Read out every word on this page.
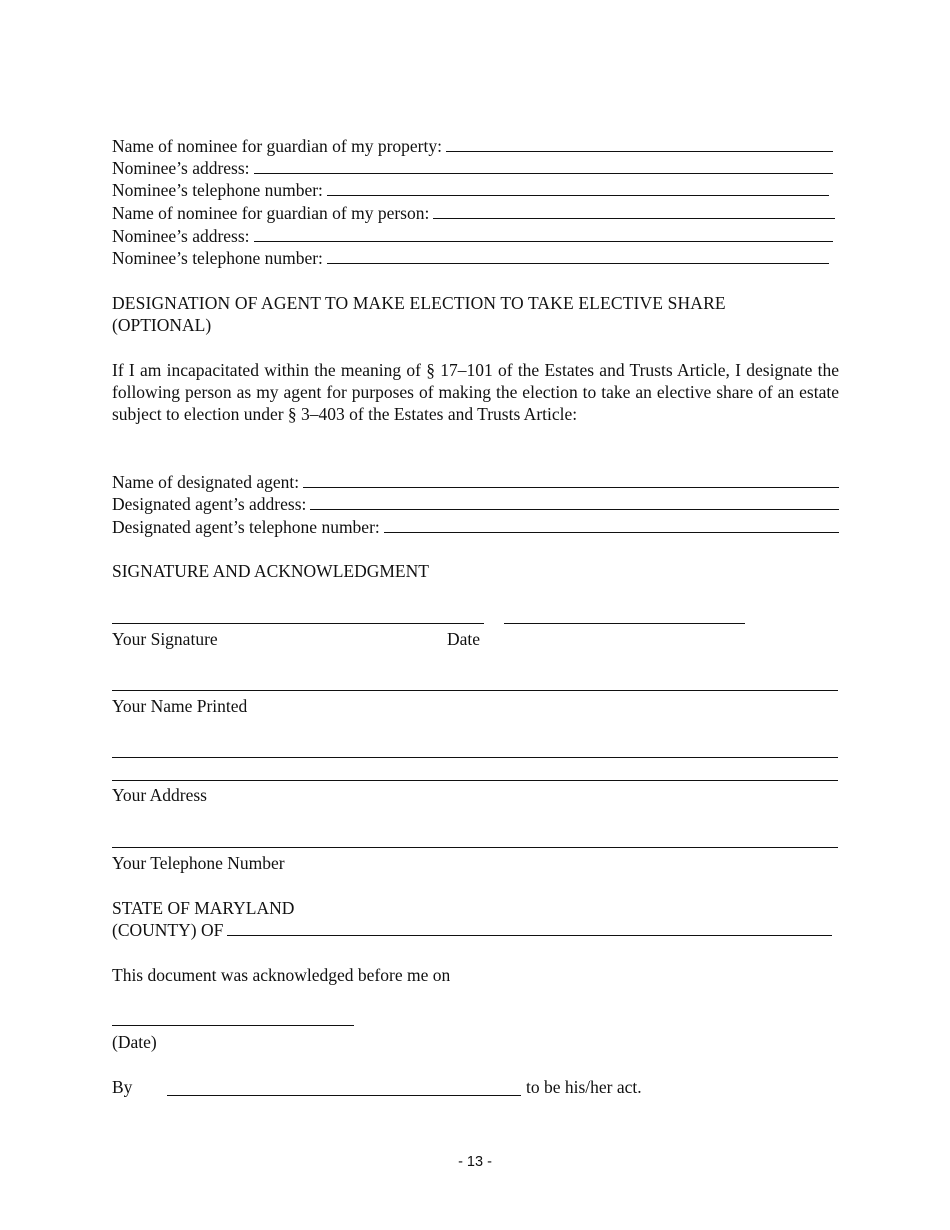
Name of nominee for guardian of my property:
Nominee’s address:
Nominee’s telephone number:
Name of nominee for guardian of my person:
Nominee’s address:
Nominee’s telephone number:
DESIGNATION OF AGENT TO MAKE ELECTION TO TAKE ELECTIVE SHARE
(OPTIONAL)
If I am incapacitated within the meaning of § 17–101 of the Estates and Trusts Article, I designate the following person as my agent for purposes of making the election to take an elective share of an estate subject to election under § 3–403 of the Estates and Trusts Article:
Name of designated agent:
Designated agent’s address:
Designated agent’s telephone number:
SIGNATURE AND ACKNOWLEDGMENT
Your Signature	Date
Your Name Printed
Your Address
Your Telephone Number
STATE OF MARYLAND
(COUNTY) OF
This document was acknowledged before me on
(Date)
By	to be his/her act.
- 13 -
